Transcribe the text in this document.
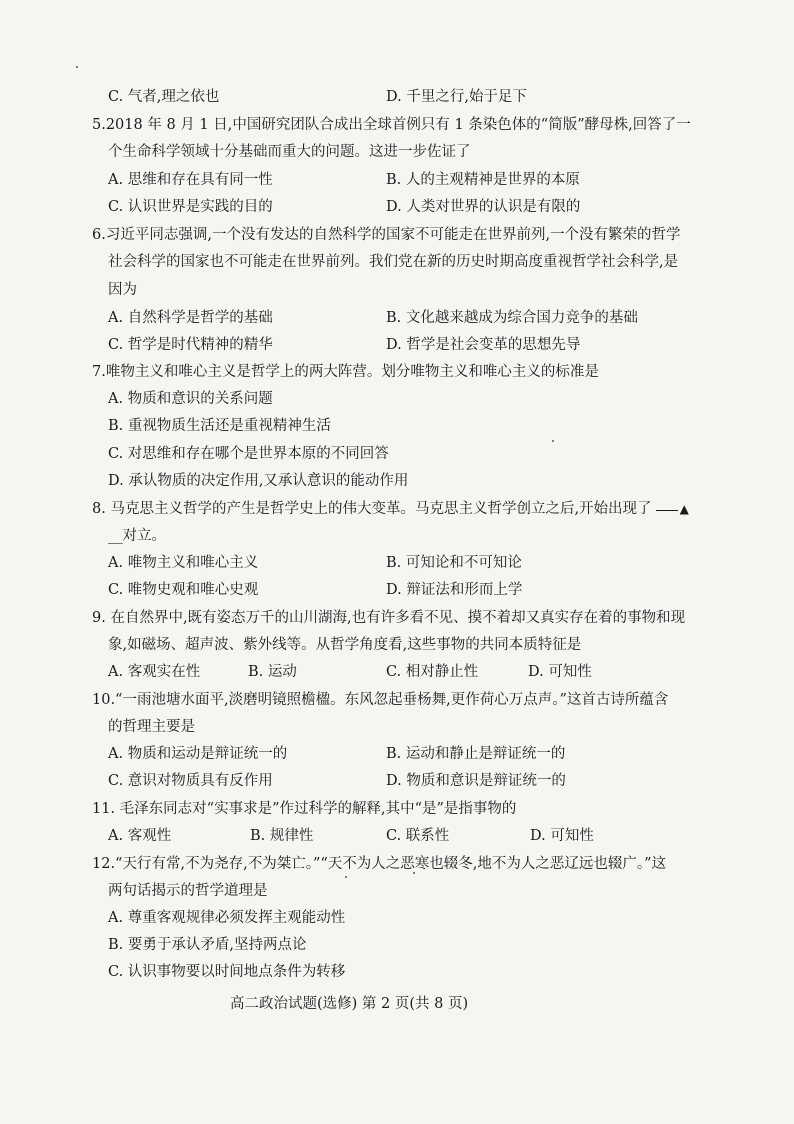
C. 气者,理之依也	D. 千里之行,始于足下
5.2018 年 8 月 1 日,中国研究团队合成出全球首例只有 1 条染色体的“简版”酵母株,回答了一
个生命科学领域十分基础而重大的问题。这进一步佐证了
A. 思维和存在具有同一性	B. 人的主观精神是世界的本原
C. 认识世界是实践的目的	D. 人类对世界的认识是有限的
6.习近平同志强调,一个没有发达的自然科学的国家不可能走在世界前列,一个没有繁荣的哲学
社会科学的国家也不可能走在世界前列。我们党在新的历史时期高度重视哲学社会科学,是
因为
A. 自然科学是哲学的基础	B. 文化越来越成为综合国力竞争的基础
C. 哲学是时代精神的精华	D. 哲学是社会变革的思想先导
7.唯物主义和唯心主义是哲学上的两大阵营。划分唯物主义和唯心主义的标准是
A. 物质和意识的关系问题
B. 重视物质生活还是重视精神生活
C. 对思维和存在哪个是世界本原的不同回答
D. 承认物质的决定作用,又承认意识的能动作用
8. 马克思主义哲学的产生是哲学史上的伟大变革。马克思主义哲学创立之后,开始出现了 ▲
__对立。
A. 唯物主义和唯心主义	B. 可知论和不可知论
C. 唯物史观和唯心史观	D. 辩证法和形而上学
9. 在自然界中,既有姿态万千的山川湖海,也有许多看不见、摸不着却又真实存在着的事物和现
象,如磁场、超声波、紫外线等。从哲学角度看,这些事物的共同本质特征是
A. 客观实在性	B. 运动	C. 相对静止性	D. 可知性
10.“一雨池塘水面平,淡磨明镜照檐楹。东风忽起垂杨舞,更作荷心万点声。”这首古诗所蕴含
的哲理主要是
A. 物质和运动是辩证统一的	B. 运动和静止是辩证统一的
C. 意识对物质具有反作用	D. 物质和意识是辩证统一的
11. 毛泽东同志对“实事求是”作过科学的解释,其中“是”是指事物的
A. 客观性	B. 规律性	C. 联系性	D. 可知性
12.“天行有常,不为尧存,不为桀亡。”“天不为人之恶寒也辍冬,地不为人之恶辽远也辍广。”这
两句话揭示的哲学道理是
A. 尊重客观规律必须发挥主观能动性
B. 要勇于承认矛盾,坚持两点论
C. 认识事物要以时间地点条件为转移
高二政治试题(选修) 第 2 页(共 8 页)
